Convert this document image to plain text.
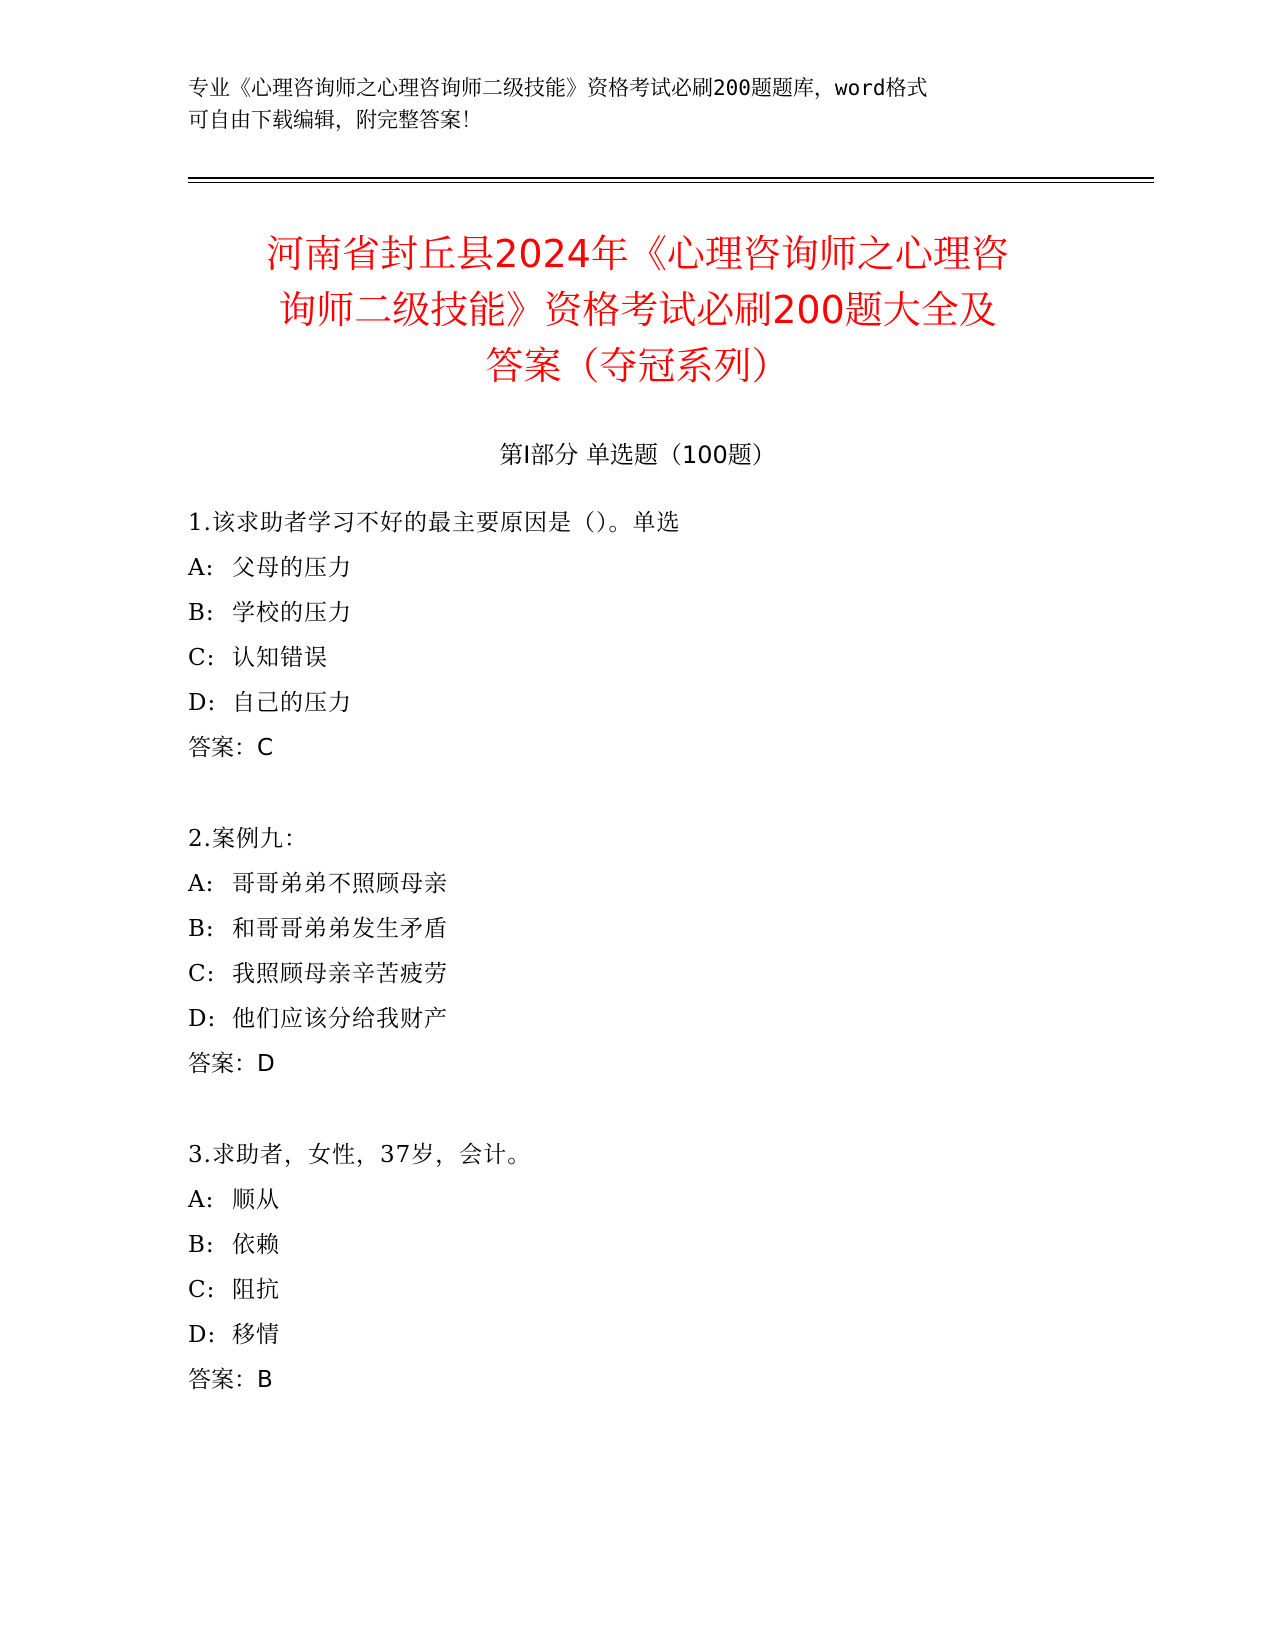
专业《心理咨询师之心理咨询师二级技能》资格考试必刷200题题库，word格式
可自由下载编辑，附完整答案！
河南省封丘县2024年《心理咨询师之心理咨
询师二级技能》资格考试必刷200题大全及
答案（夺冠系列）
第Ⅰ部分 单选题（100题）
1.该求助者学习不好的最主要原因是（）。单选
A: 父母的压力
B: 学校的压力
C: 认知错误
D: 自己的压力
答案：C
2.案例九：
A: 哥哥弟弟不照顾母亲
B: 和哥哥弟弟发生矛盾
C: 我照顾母亲辛苦疲劳
D: 他们应该分给我财产
答案：D
3.求助者，女性，37岁，会计。
A: 顺从
B: 依赖
C: 阻抗
D: 移情
答案：B
